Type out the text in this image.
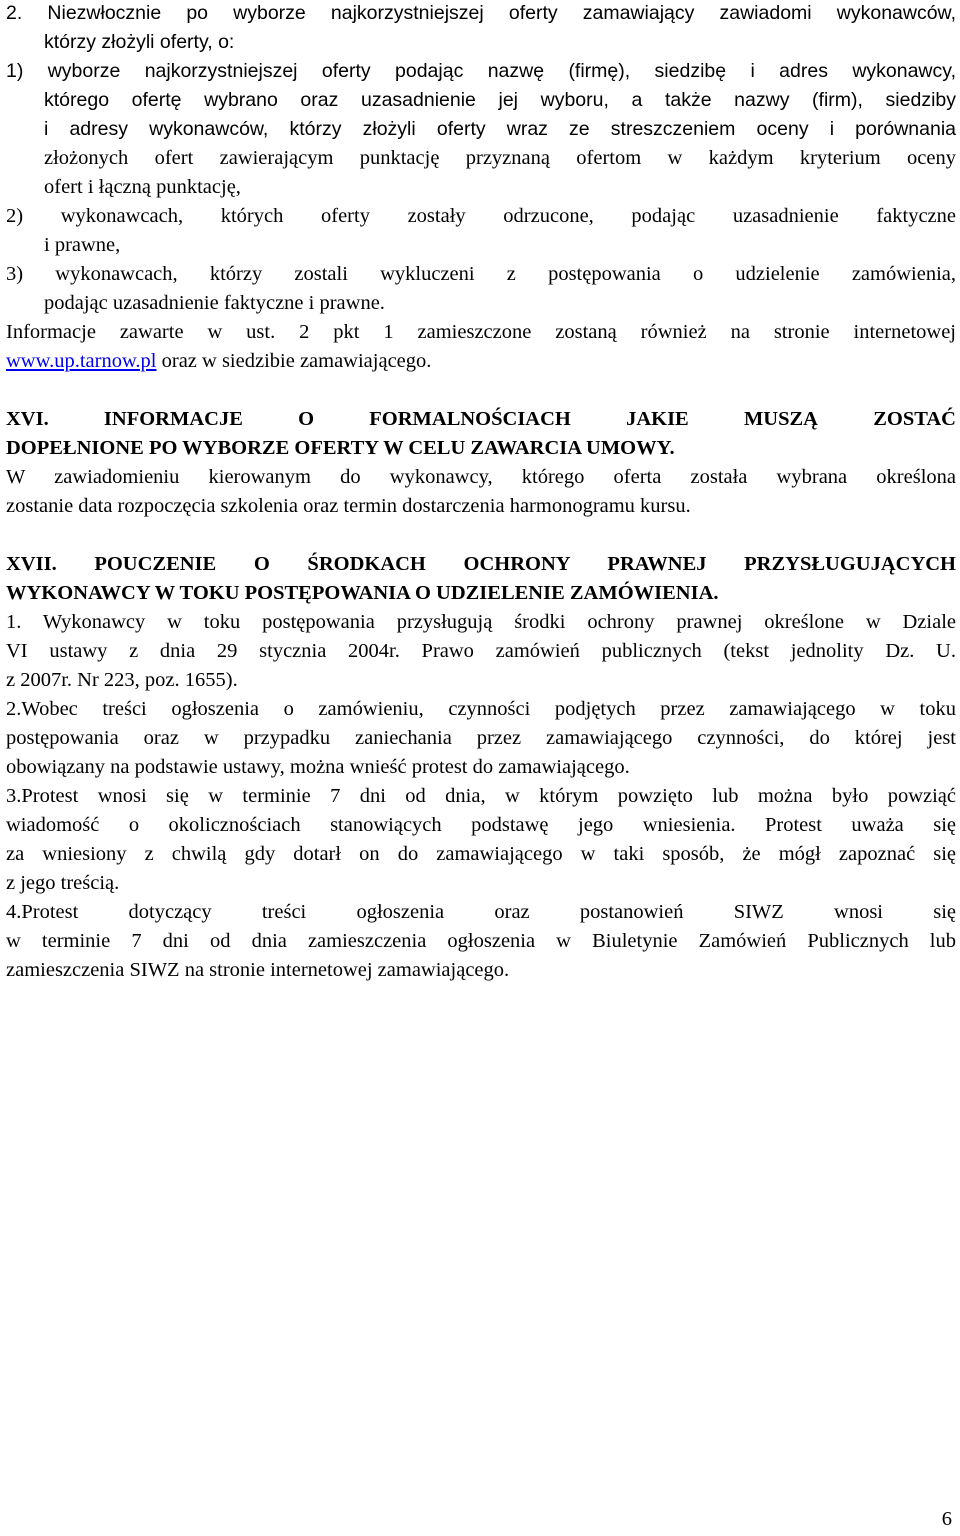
2. Niezwłocznie po wyborze najkorzystniejszej oferty zamawiający zawiadomi wykonawców,
którzy złożyli oferty, o:
1) wyborze najkorzystniejszej oferty podając nazwę (firmę), siedzibę i adres wykonawcy,
którego ofertę wybrano oraz uzasadnienie jej wyboru, a także nazwy (firm), siedziby
i adresy wykonawców, którzy złożyli oferty wraz ze streszczeniem oceny i porównania
złożonych ofert zawierającym punktację przyznaną ofertom w każdym kryterium oceny
ofert i łączną punktację,
2) wykonawcach, których oferty zostały odrzucone, podając uzasadnienie faktyczne
i prawne,
3) wykonawcach, którzy zostali wykluczeni z postępowania o udzielenie zamówienia,
podając uzasadnienie faktyczne i prawne.
Informacje zawarte w ust. 2 pkt 1 zamieszczone zostaną również na stronie internetowej
www.up.tarnow.pl oraz w siedzibie zamawiającego.
XVI. INFORMACJE O FORMALNOŚCIACH JAKIE MUSZĄ ZOSTAĆ
DOPEŁNIONE PO WYBORZE OFERTY W CELU ZAWARCIA UMOWY.
W zawiadomieniu kierowanym do wykonawcy, którego oferta została wybrana określona
zostanie data rozpoczęcia szkolenia oraz termin dostarczenia harmonogramu kursu.
XVII. POUCZENIE O ŚRODKACH OCHRONY PRAWNEJ PRZYSŁUGUJĄCYCH
WYKONAWCY W TOKU POSTĘPOWANIA O UDZIELENIE ZAMÓWIENIA.
1. Wykonawcy w toku postępowania przysługują środki ochrony prawnej określone w Dziale
VI ustawy z dnia 29 stycznia 2004r. Prawo zamówień publicznych (tekst jednolity Dz. U.
z 2007r. Nr 223, poz. 1655).
2.Wobec treści ogłoszenia o zamówieniu, czynności podjętych przez zamawiającego w toku
postępowania oraz w przypadku zaniechania przez zamawiającego czynności, do której jest
obowiązany na podstawie ustawy, można wnieść protest do zamawiającego.
3.Protest wnosi się w terminie 7 dni od dnia, w którym powzięto lub można było powziąć
wiadomość o okolicznościach stanowiących podstawę jego wniesienia. Protest uważa się
za wniesiony z chwilą gdy dotarł on do zamawiającego w taki sposób, że mógł zapoznać się
z jego treścią.
4.Protest dotyczący treści ogłoszenia oraz postanowień SIWZ wnosi się
w terminie 7 dni od dnia zamieszczenia ogłoszenia w Biuletynie Zamówień Publicznych lub
zamieszczenia SIWZ na stronie internetowej zamawiającego.
6
